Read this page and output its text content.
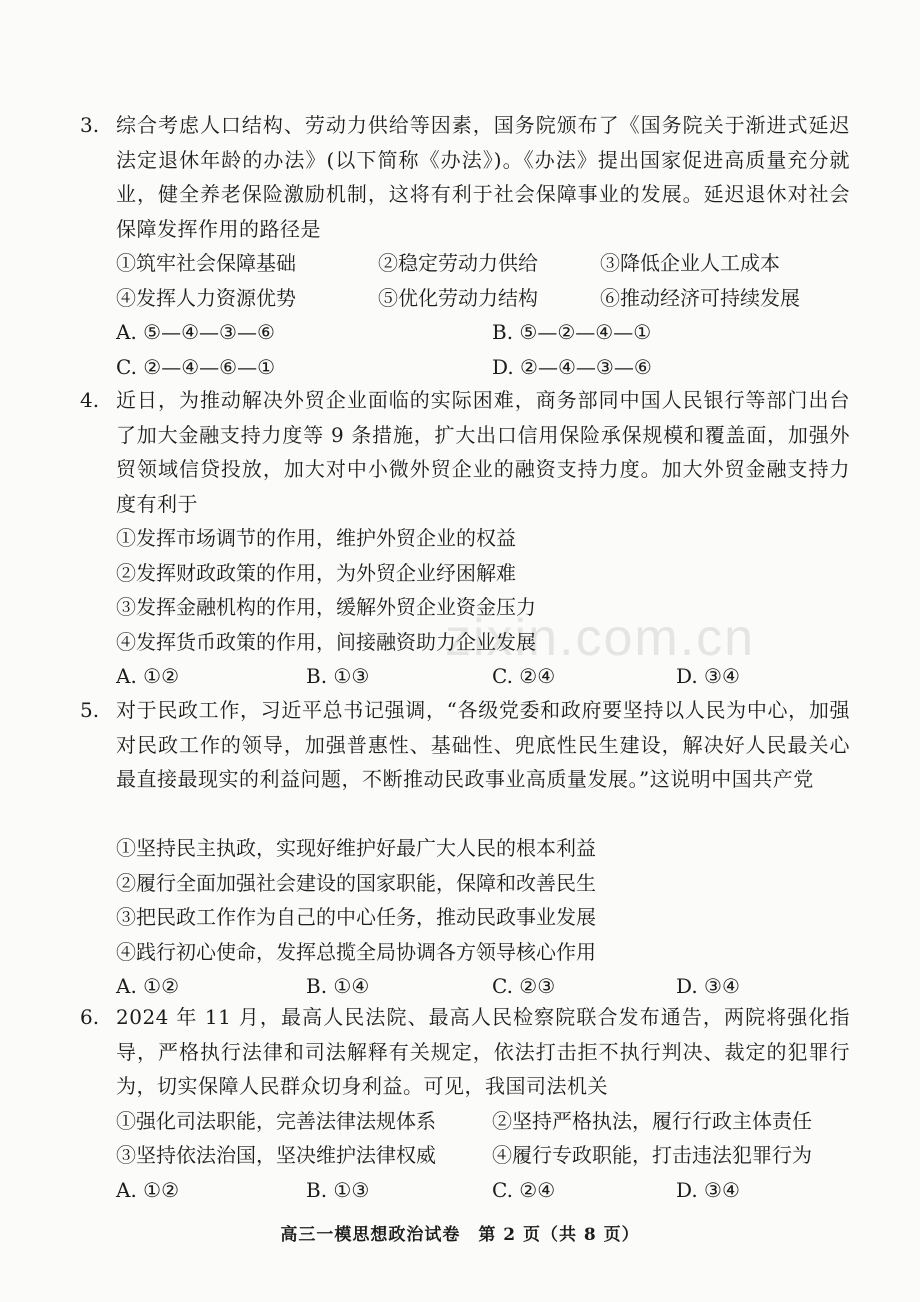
zixin.com.cn
3. 综合考虑人口结构、劳动力供给等因素，国务院颁布了《国务院关于渐进式延迟法定退休年龄的办法》(以下简称《办法》)。《办法》提出国家促进高质量充分就业，健全养老保险激励机制，这将有利于社会保障事业的发展。延迟退休对社会保障发挥作用的路径是
①筑牢社会保障基础	②稳定劳动力供给	③降低企业人工成本
④发挥人力资源优势	⑤优化劳动力结构	⑥推动经济可持续发展
A. ⑤—④—③—⑥	B. ⑤—②—④—①
C. ②—④—⑥—①	D. ②—④—③—⑥
4. 近日，为推动解决外贸企业面临的实际困难，商务部同中国人民银行等部门出台了加大金融支持力度等 9 条措施，扩大出口信用保险承保规模和覆盖面，加强外贸领域信贷投放，加大对中小微外贸企业的融资支持力度。加大外贸金融支持力度有利于
①发挥市场调节的作用，维护外贸企业的权益
②发挥财政政策的作用，为外贸企业纾困解难
③发挥金融机构的作用，缓解外贸企业资金压力
④发挥货币政策的作用，间接融资助力企业发展
A. ①②	B. ①③	C. ②④	D. ③④
5. 对于民政工作，习近平总书记强调，“各级党委和政府要坚持以人民为中心，加强对民政工作的领导，加强普惠性、基础性、兜底性民生建设，解决好人民最关心最直接最现实的利益问题，不断推动民政事业高质量发展。”这说明中国共产党
①坚持民主执政，实现好维护好最广大人民的根本利益
②履行全面加强社会建设的国家职能，保障和改善民生
③把民政工作作为自己的中心任务，推动民政事业发展
④践行初心使命，发挥总揽全局协调各方领导核心作用
A. ①②	B. ①④	C. ②③	D. ③④
6. 2024 年 11 月，最高人民法院、最高人民检察院联合发布通告，两院将强化指导，严格执行法律和司法解释有关规定，依法打击拒不执行判决、裁定的犯罪行为，切实保障人民群众切身利益。可见，我国司法机关
①强化司法职能，完善法律法规体系	②坚持严格执法，履行行政主体责任
③坚持依法治国，坚决维护法律权威	④履行专政职能，打击违法犯罪行为
A. ①②	B. ①③	C. ②④	D. ③④
高三一模思想政治试卷　第 2 页（共 8 页）
